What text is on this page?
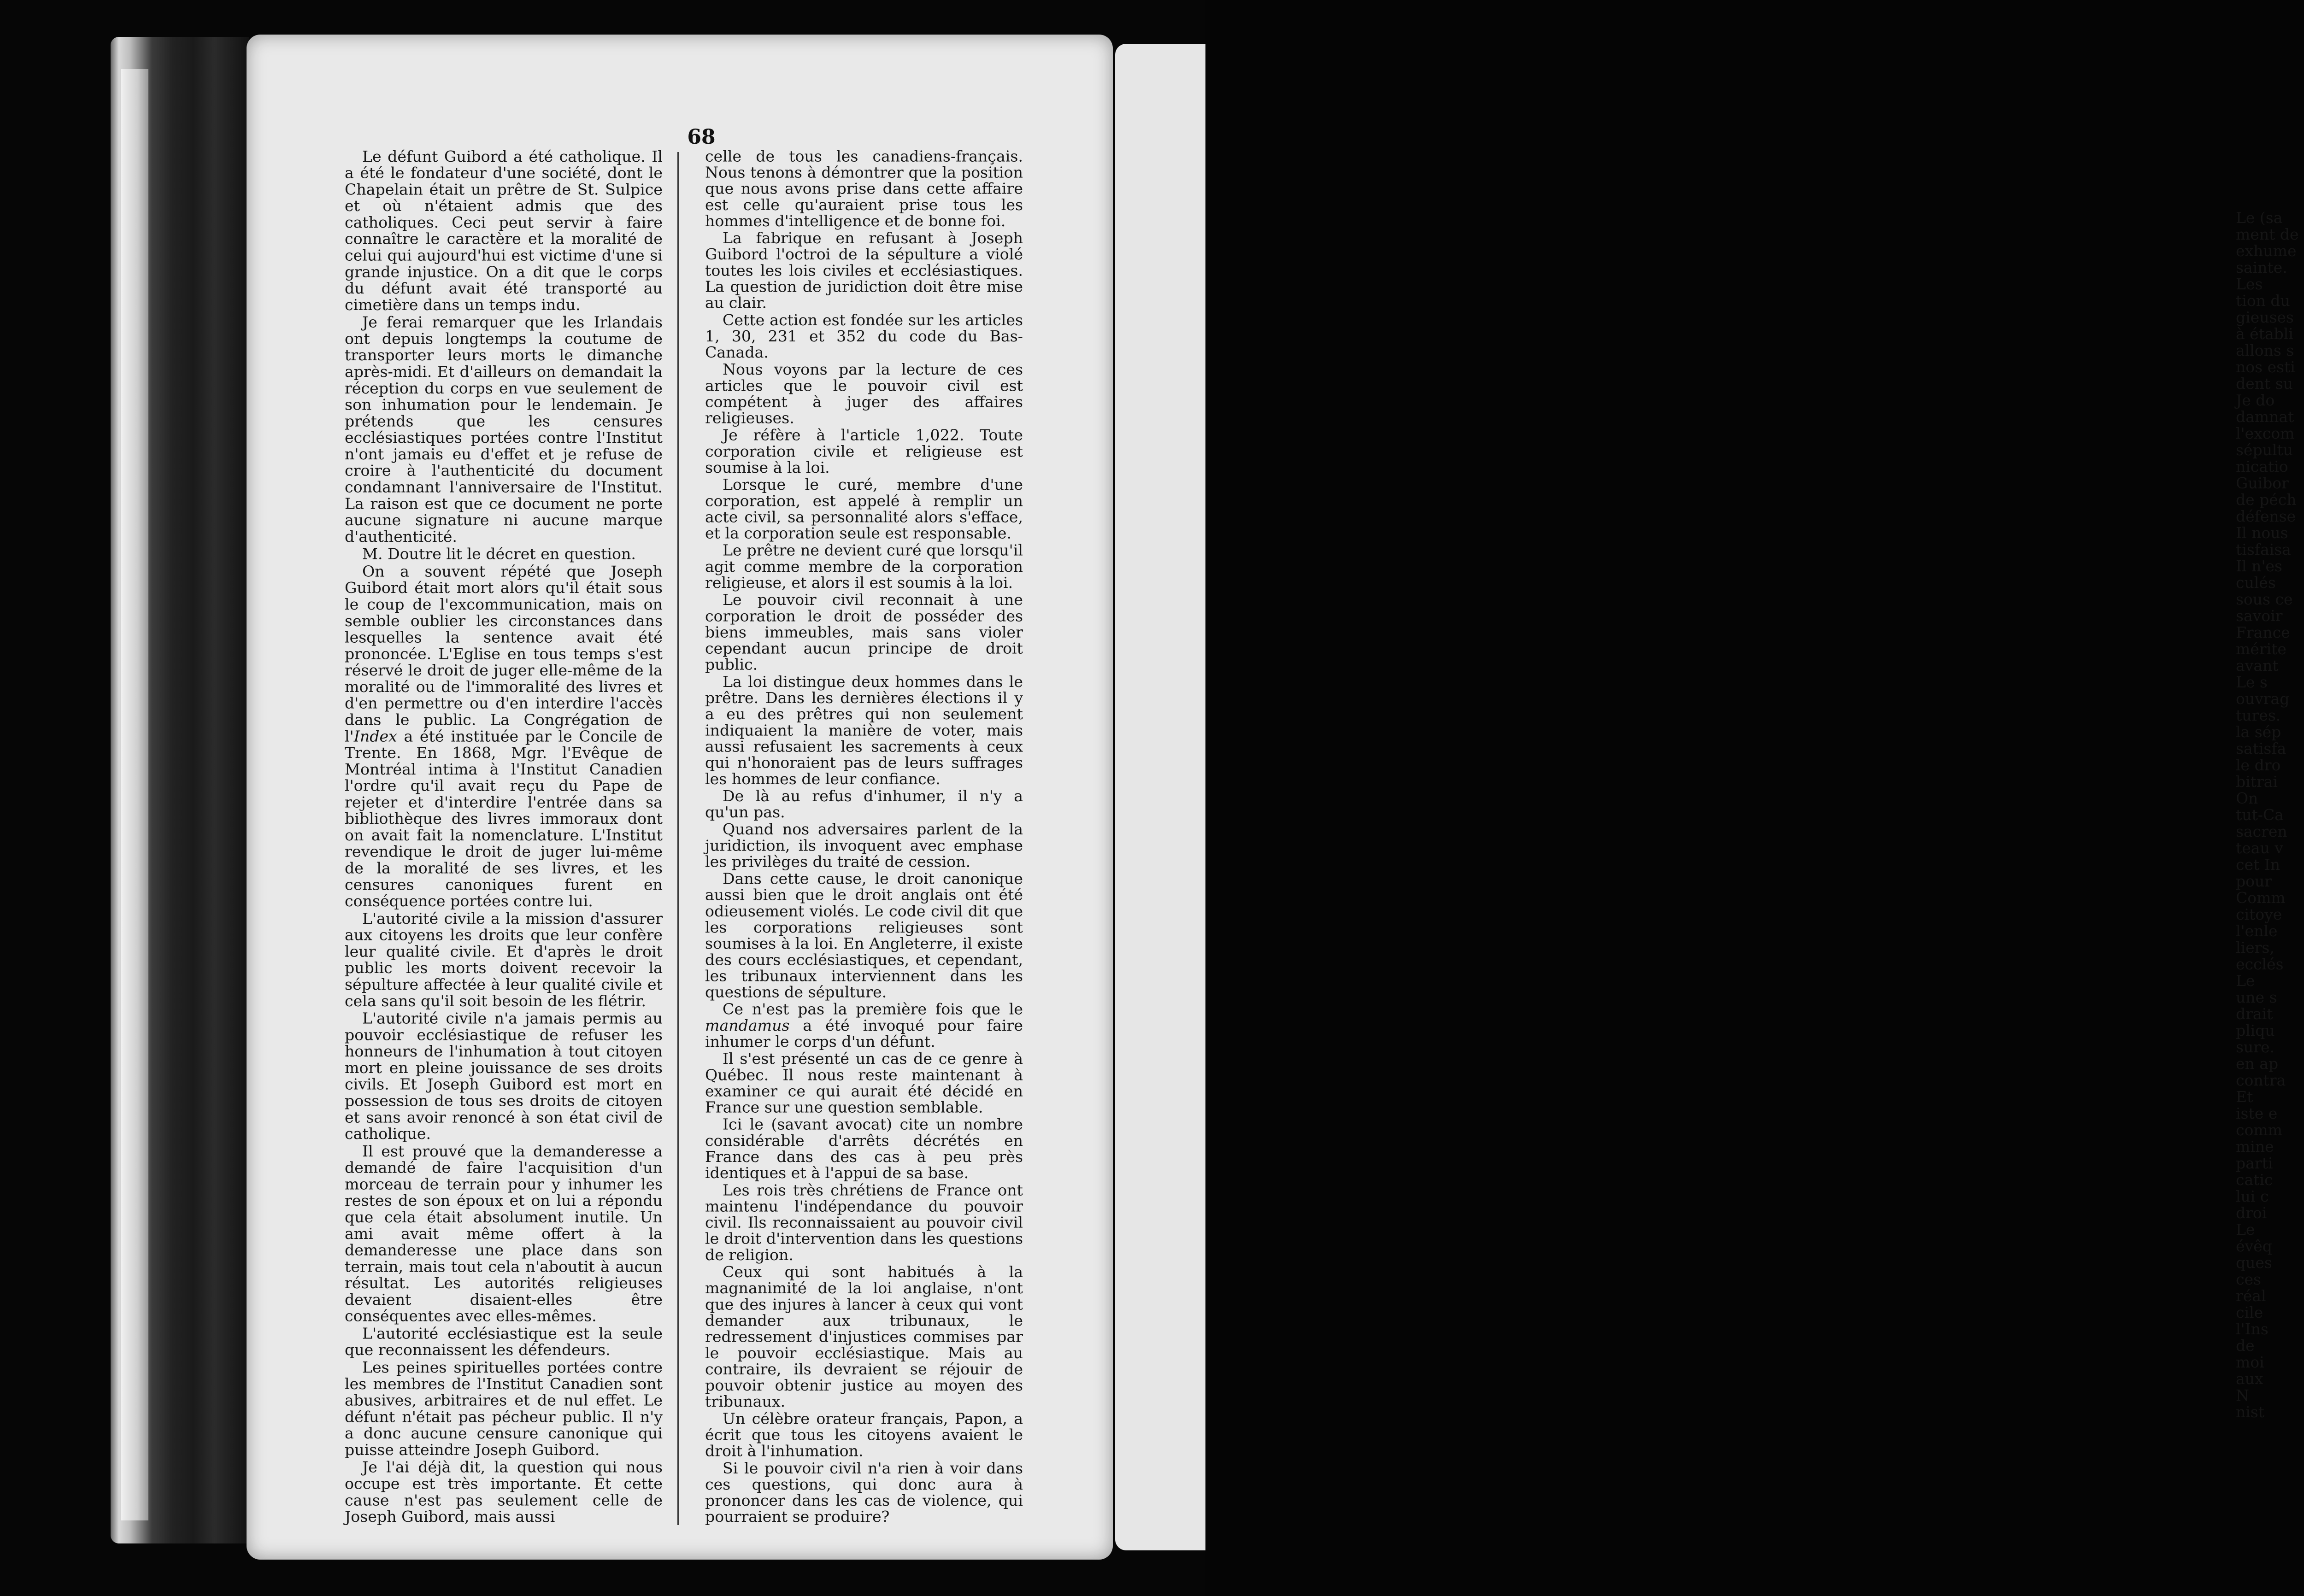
Le (sa
ment de
exhume
sainte.
Les
tion du
gieuses
à établi
allons s
nos esti
dent su
Je do
damnat
l'excom
sépultu
nicatio
Guibor
de péch
défense
Il nous
tisfaisa
Il n'es
culés
sous ce
savoir
France
mérite
avant
Le s
ouvrag
tures.
la sép
satisfa
le dro
bitrai
On
tut-Ca
sacren
teau v
cet In
pour
Comm
citoye
l'enle
liers,
ecclés
Le
une s
drait
pliqu
sure.
en ap
contra
Et
iste e
comm
mine
parti
catic
lui c
droi
Le
évêq
ques
ces
réal
cile
l'Ins
de
moi
aux
N
nist
68

Le défunt Guibord a été catholique. Il a été le fondateur d'une société, dont le Chapelain était un prêtre de St. Sulpice et où n'étaient admis que des catholiques. Ceci peut servir à faire connaître le caractère et la moralité de celui qui aujourd'hui est victime d'une si grande injustice. On a dit que le corps du défunt avait été transporté au cimetière dans un temps indu.

Je ferai remarquer que les Irlandais ont depuis longtemps la coutume de transporter leurs morts le dimanche après-midi. Et d'ailleurs on demandait la réception du corps en vue seulement de son inhumation pour le lendemain. Je prétends que les censures ecclésiastiques portées contre l'Institut n'ont jamais eu d'effet et je refuse de croire à l'authenticité du document condamnant l'anniversaire de l'Institut. La raison est que ce document ne porte aucune signature ni aucune marque d'authenticité.

M. Doutre lit le décret en question.

On a souvent répété que Joseph Guibord était mort alors qu'il était sous le coup de l'excommunication, mais on semble oublier les circonstances dans lesquelles la sentence avait été prononcée. L'Eglise en tous temps s'est réservé le droit de juger elle-même de la moralité ou de l'immoralité des livres et d'en permettre ou d'en interdire l'accès dans le public. La Congrégation de l'Index a été instituée par le Concile de Trente. En 1868, Mgr. l'Evêque de Montréal intima à l'Institut Canadien l'ordre qu'il avait reçu du Pape de rejeter et d'interdire l'entrée dans sa bibliothèque des livres immoraux dont on avait fait la nomenclature. L'Institut revendique le droit de juger lui-même de la moralité de ses livres, et les censures canoniques furent en conséquence portées contre lui.

L'autorité civile a la mission d'assurer aux citoyens les droits que leur confère leur qualité civile. Et d'après le droit public les morts doivent recevoir la sépulture affectée à leur qualité civile et cela sans qu'il soit besoin de les flétrir.

L'autorité civile n'a jamais permis au pouvoir ecclésiastique de refuser les honneurs de l'inhumation à tout citoyen mort en pleine jouissance de ses droits civils. Et Joseph Guibord est mort en possession de tous ses droits de citoyen et sans avoir renoncé à son état civil de catholique.

Il est prouvé que la demanderesse a demandé de faire l'acquisition d'un morceau de terrain pour y inhumer les restes de son époux et on lui a répondu que cela était absolument inutile. Un ami avait même offert à la demanderesse une place dans son terrain, mais tout cela n'aboutit à aucun résultat. Les autorités religieuses devaient disaient-elles être conséquentes avec elles-mêmes.

L'autorité ecclésiastique est la seule que reconnaissent les défendeurs.

Les peines spirituelles portées contre les membres de l'Institut Canadien sont abusives, arbitraires et de nul effet. Le défunt n'était pas pécheur public. Il n'y a donc aucune censure canonique qui puisse atteindre Joseph Guibord.

Je l'ai déjà dit, la question qui nous occupe est très importante. Et cette cause n'est pas seulement celle de Joseph Guibord, mais aussi

celle de tous les canadiens-français. Nous tenons à démontrer que la position que nous avons prise dans cette affaire est celle qu'auraient prise tous les hommes d'intelligence et de bonne foi.

La fabrique en refusant à Joseph Guibord l'octroi de la sépulture a violé toutes les lois civiles et ecclésiastiques. La question de juridiction doit être mise au clair.

Cette action est fondée sur les articles 1, 30, 231 et 352 du code du Bas-Canada.

Nous voyons par la lecture de ces articles que le pouvoir civil est compétent à juger des affaires religieuses.

Je réfère à l'article 1,022. Toute corporation civile et religieuse est soumise à la loi.

Lorsque le curé, membre d'une corporation, est appelé à remplir un acte civil, sa personnalité alors s'efface, et la corporation seule est responsable.

Le prêtre ne devient curé que lorsqu'il agit comme membre de la corporation religieuse, et alors il est soumis à la loi.

Le pouvoir civil reconnait à une corporation le droit de posséder des biens immeubles, mais sans violer cependant aucun principe de droit public.

La loi distingue deux hommes dans le prêtre. Dans les dernières élections il y a eu des prêtres qui non seulement indiquaient la manière de voter, mais aussi refusaient les sacrements à ceux qui n'honoraient pas de leurs suffrages les hommes de leur confiance.

De là au refus d'inhumer, il n'y a qu'un pas.

Quand nos adversaires parlent de la juridiction, ils invoquent avec emphase les privilèges du traité de cession.

Dans cette cause, le droit canonique aussi bien que le droit anglais ont été odieusement violés. Le code civil dit que les corporations religieuses sont soumises à la loi. En Angleterre, il existe des cours ecclésiastiques, et cependant, les tribunaux interviennent dans les questions de sépulture.

Ce n'est pas la première fois que le mandamus a été invoqué pour faire inhumer le corps d'un défunt.

Il s'est présenté un cas de ce genre à Québec. Il nous reste maintenant à examiner ce qui aurait été décidé en France sur une question semblable.

Ici le (savant avocat) cite un nombre considérable d'arrêts décrétés en France dans des cas à peu près identiques et à l'appui de sa base.

Les rois très chrétiens de France ont maintenu l'indépendance du pouvoir civil. Ils reconnaissaient au pouvoir civil le droit d'intervention dans les questions de religion.

Ceux qui sont habitués à la magnanimité de la loi anglaise, n'ont que des injures à lancer à ceux qui vont demander aux tribunaux, le redressement d'injustices commises par le pouvoir ecclésiastique. Mais au contraire, ils devraient se réjouir de pouvoir obtenir justice au moyen des tribunaux.

Un célèbre orateur français, Papon, a écrit que tous les citoyens avaient le droit à l'inhumation.

Si le pouvoir civil n'a rien à voir dans ces questions, qui donc aura à prononcer dans les cas de violence, qui pourraient se produire?
